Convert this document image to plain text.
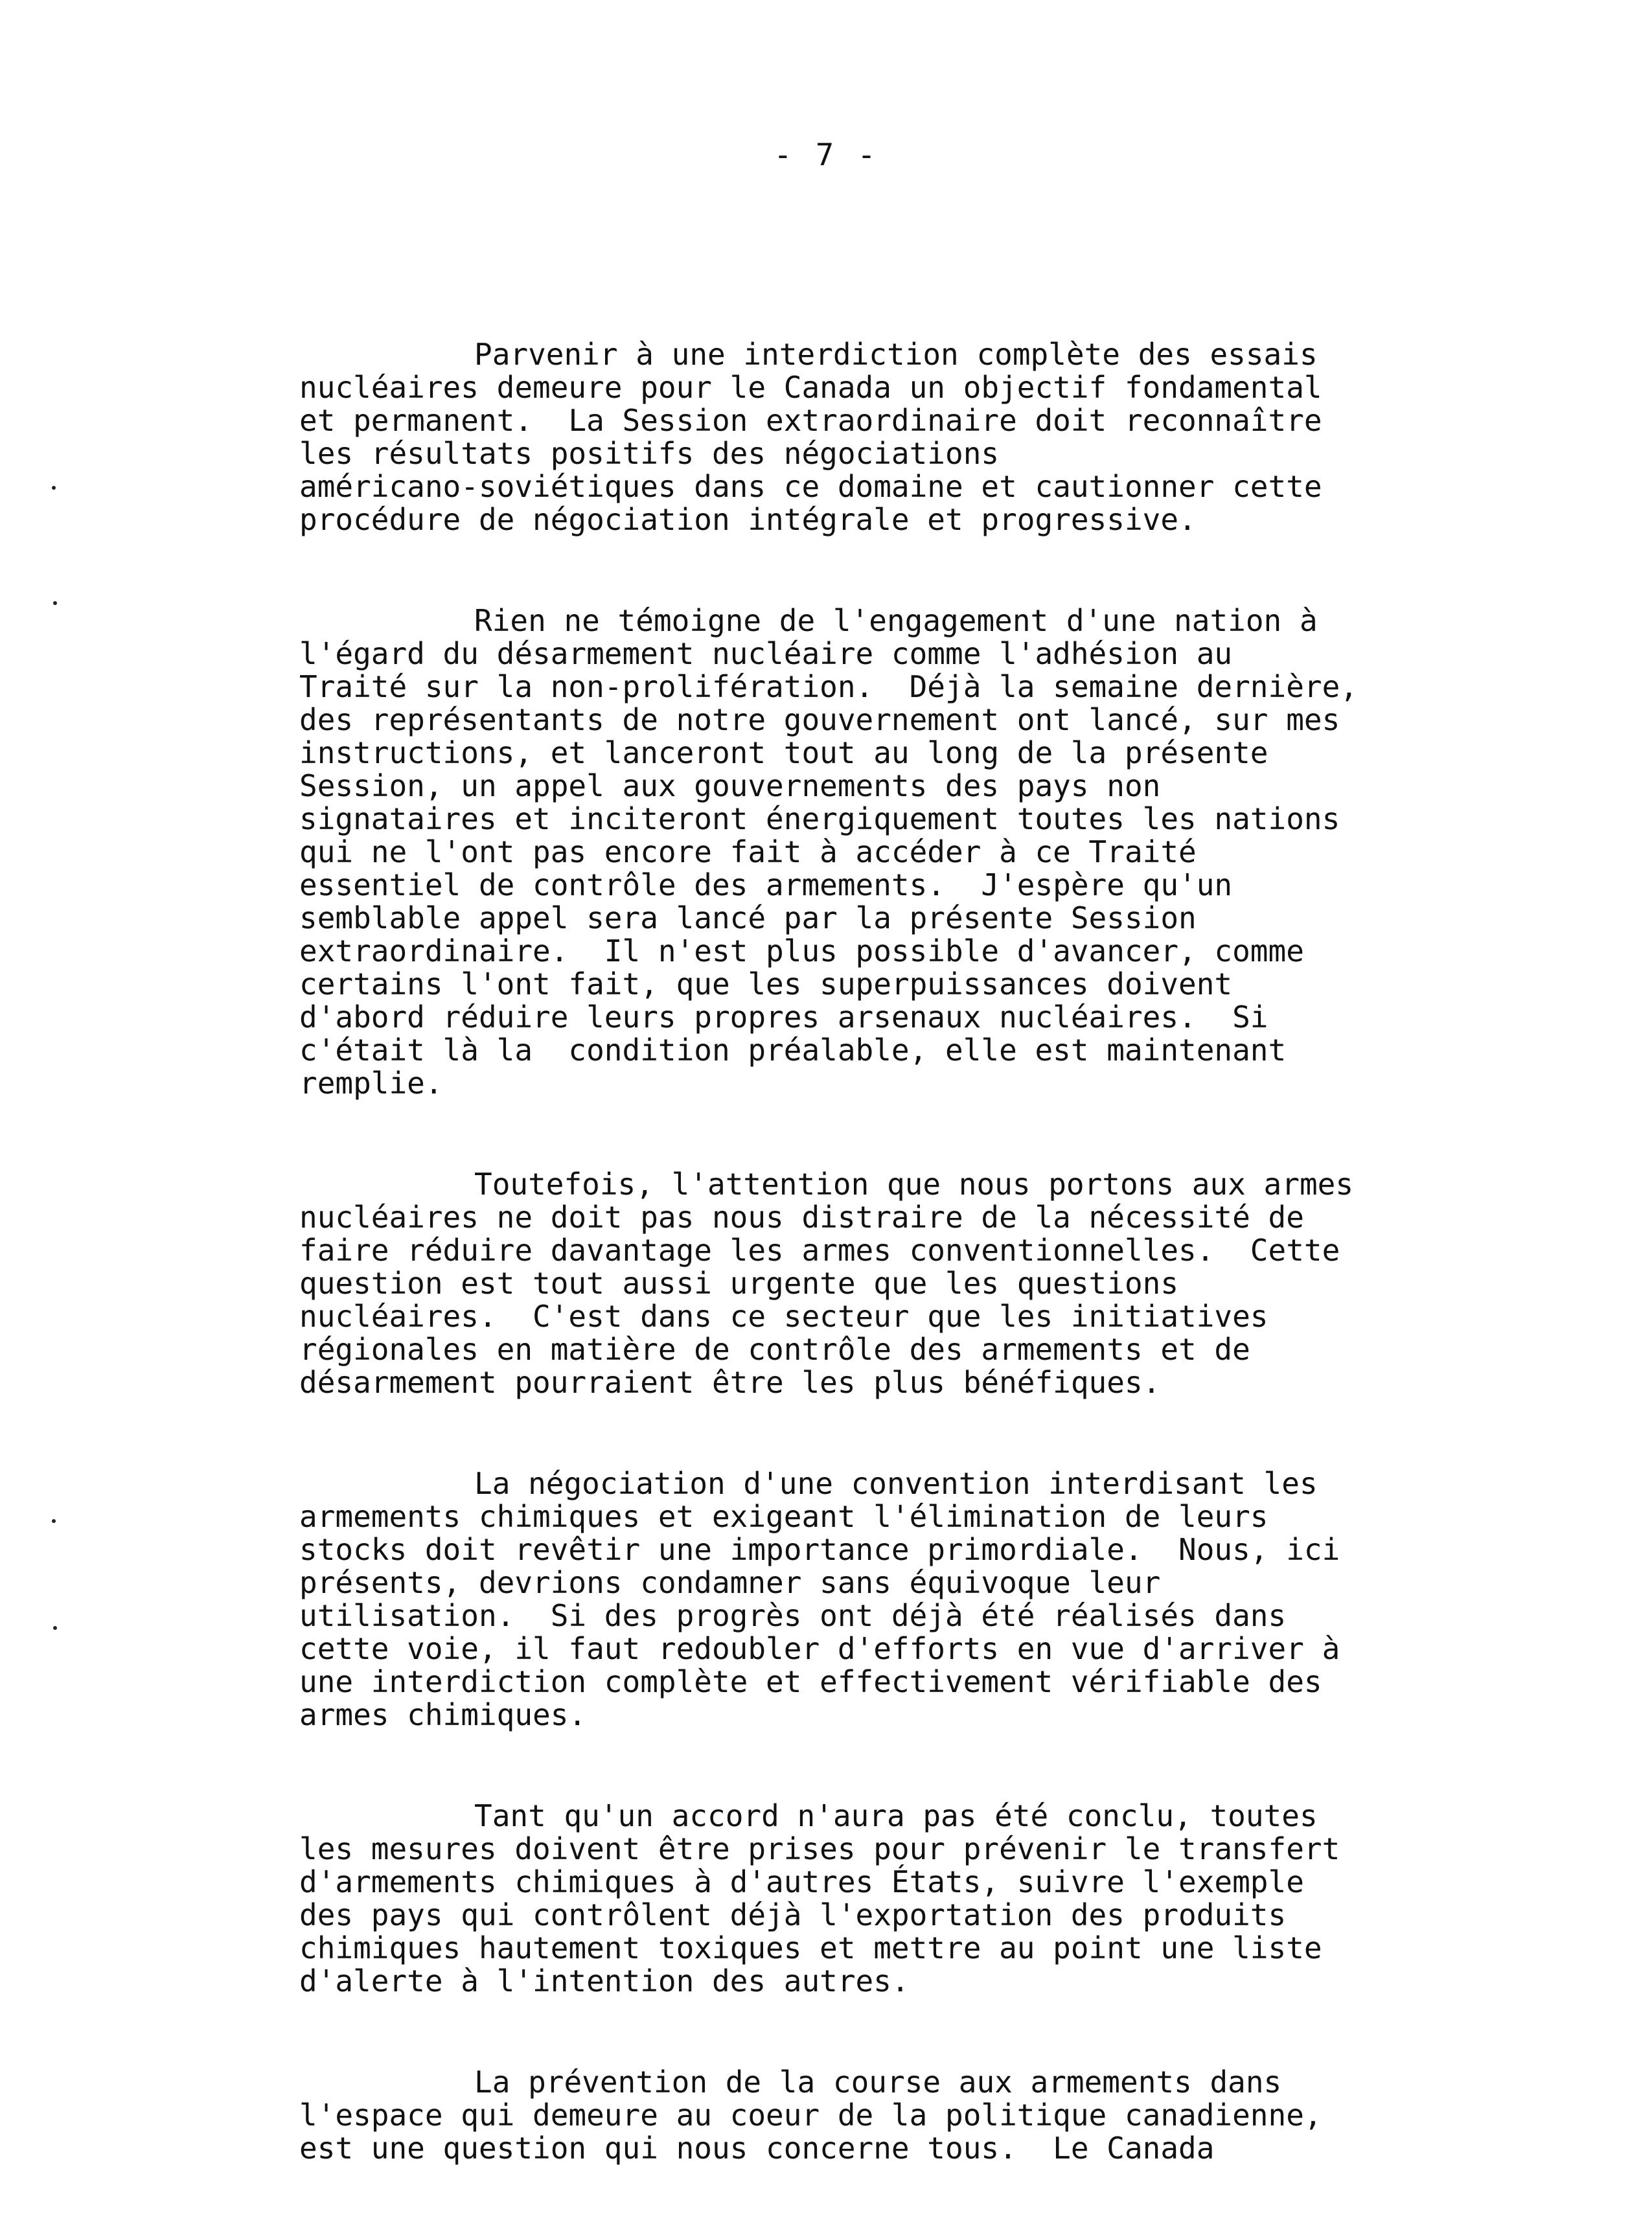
- 7 -
Parvenir à une interdiction complète des essais
nucléaires demeure pour le Canada un objectif fondamental
et permanent.  La Session extraordinaire doit reconnaître
les résultats positifs des négociations
américano-soviétiques dans ce domaine et cautionner cette
procédure de négociation intégrale et progressive.
Rien ne témoigne de l'engagement d'une nation à
l'égard du désarmement nucléaire comme l'adhésion au
Traité sur la non-prolifération.  Déjà la semaine dernière,
des représentants de notre gouvernement ont lancé, sur mes
instructions, et lanceront tout au long de la présente
Session, un appel aux gouvernements des pays non
signataires et inciteront énergiquement toutes les nations
qui ne l'ont pas encore fait à accéder à ce Traité
essentiel de contrôle des armements.  J'espère qu'un
semblable appel sera lancé par la présente Session
extraordinaire.  Il n'est plus possible d'avancer, comme
certains l'ont fait, que les superpuissances doivent
d'abord réduire leurs propres arsenaux nucléaires.  Si
c'était là la  condition préalable, elle est maintenant
remplie.
Toutefois, l'attention que nous portons aux armes
nucléaires ne doit pas nous distraire de la nécessité de
faire réduire davantage les armes conventionnelles.  Cette
question est tout aussi urgente que les questions
nucléaires.  C'est dans ce secteur que les initiatives
régionales en matière de contrôle des armements et de
désarmement pourraient être les plus bénéfiques.
La négociation d'une convention interdisant les
armements chimiques et exigeant l'élimination de leurs
stocks doit revêtir une importance primordiale.  Nous, ici
présents, devrions condamner sans équivoque leur
utilisation.  Si des progrès ont déjà été réalisés dans
cette voie, il faut redoubler d'efforts en vue d'arriver à
une interdiction complète et effectivement vérifiable des
armes chimiques.
Tant qu'un accord n'aura pas été conclu, toutes
les mesures doivent être prises pour prévenir le transfert
d'armements chimiques à d'autres États, suivre l'exemple
des pays qui contrôlent déjà l'exportation des produits
chimiques hautement toxiques et mettre au point une liste
d'alerte à l'intention des autres.
La prévention de la course aux armements dans
l'espace qui demeure au coeur de la politique canadienne,
est une question qui nous concerne tous.  Le Canada
